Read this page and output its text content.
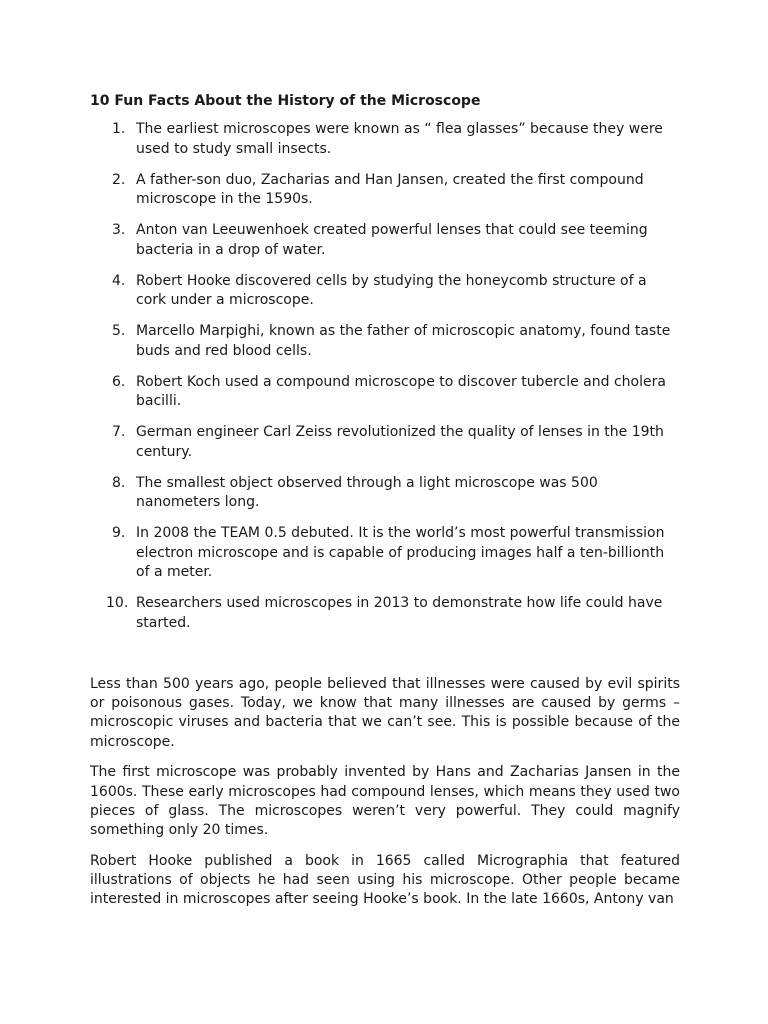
10 Fun Facts About the History of the Microscope
1. The earliest microscopes were known as “ flea glasses” because they were used to study small insects.
2. A father-son duo, Zacharias and Han Jansen, created the first compound microscope in the 1590s.
3. Anton van Leeuwenhoek created powerful lenses that could see teeming bacteria in a drop of water.
4. Robert Hooke discovered cells by studying the honeycomb structure of a cork under a microscope.
5. Marcello Marpighi, known as the father of microscopic anatomy, found taste buds and red blood cells.
6. Robert Koch used a compound microscope to discover tubercle and cholera bacilli.
7. German engineer Carl Zeiss revolutionized the quality of lenses in the 19th century.
8. The smallest object observed through a light microscope was 500 nanometers long.
9. In 2008 the TEAM 0.5 debuted. It is the world’s most powerful transmission electron microscope and is capable of producing images half a ten-billionth of a meter.
10. Researchers used microscopes in 2013 to demonstrate how life could have started.

Less than 500 years ago, people believed that illnesses were caused by evil spirits or poisonous gases. Today, we know that many illnesses are caused by germs – microscopic viruses and bacteria that we can’t see. This is possible because of the microscope.

The first microscope was probably invented by Hans and Zacharias Jansen in the 1600s. These early microscopes had compound lenses, which means they used two pieces of glass. The microscopes weren’t very powerful. They could magnify something only 20 times.

Robert Hooke published a book in 1665 called Micrographia that featured illustrations of objects he had seen using his microscope. Other people became interested in microscopes after seeing Hooke’s book. In the late 1660s, Antony van
